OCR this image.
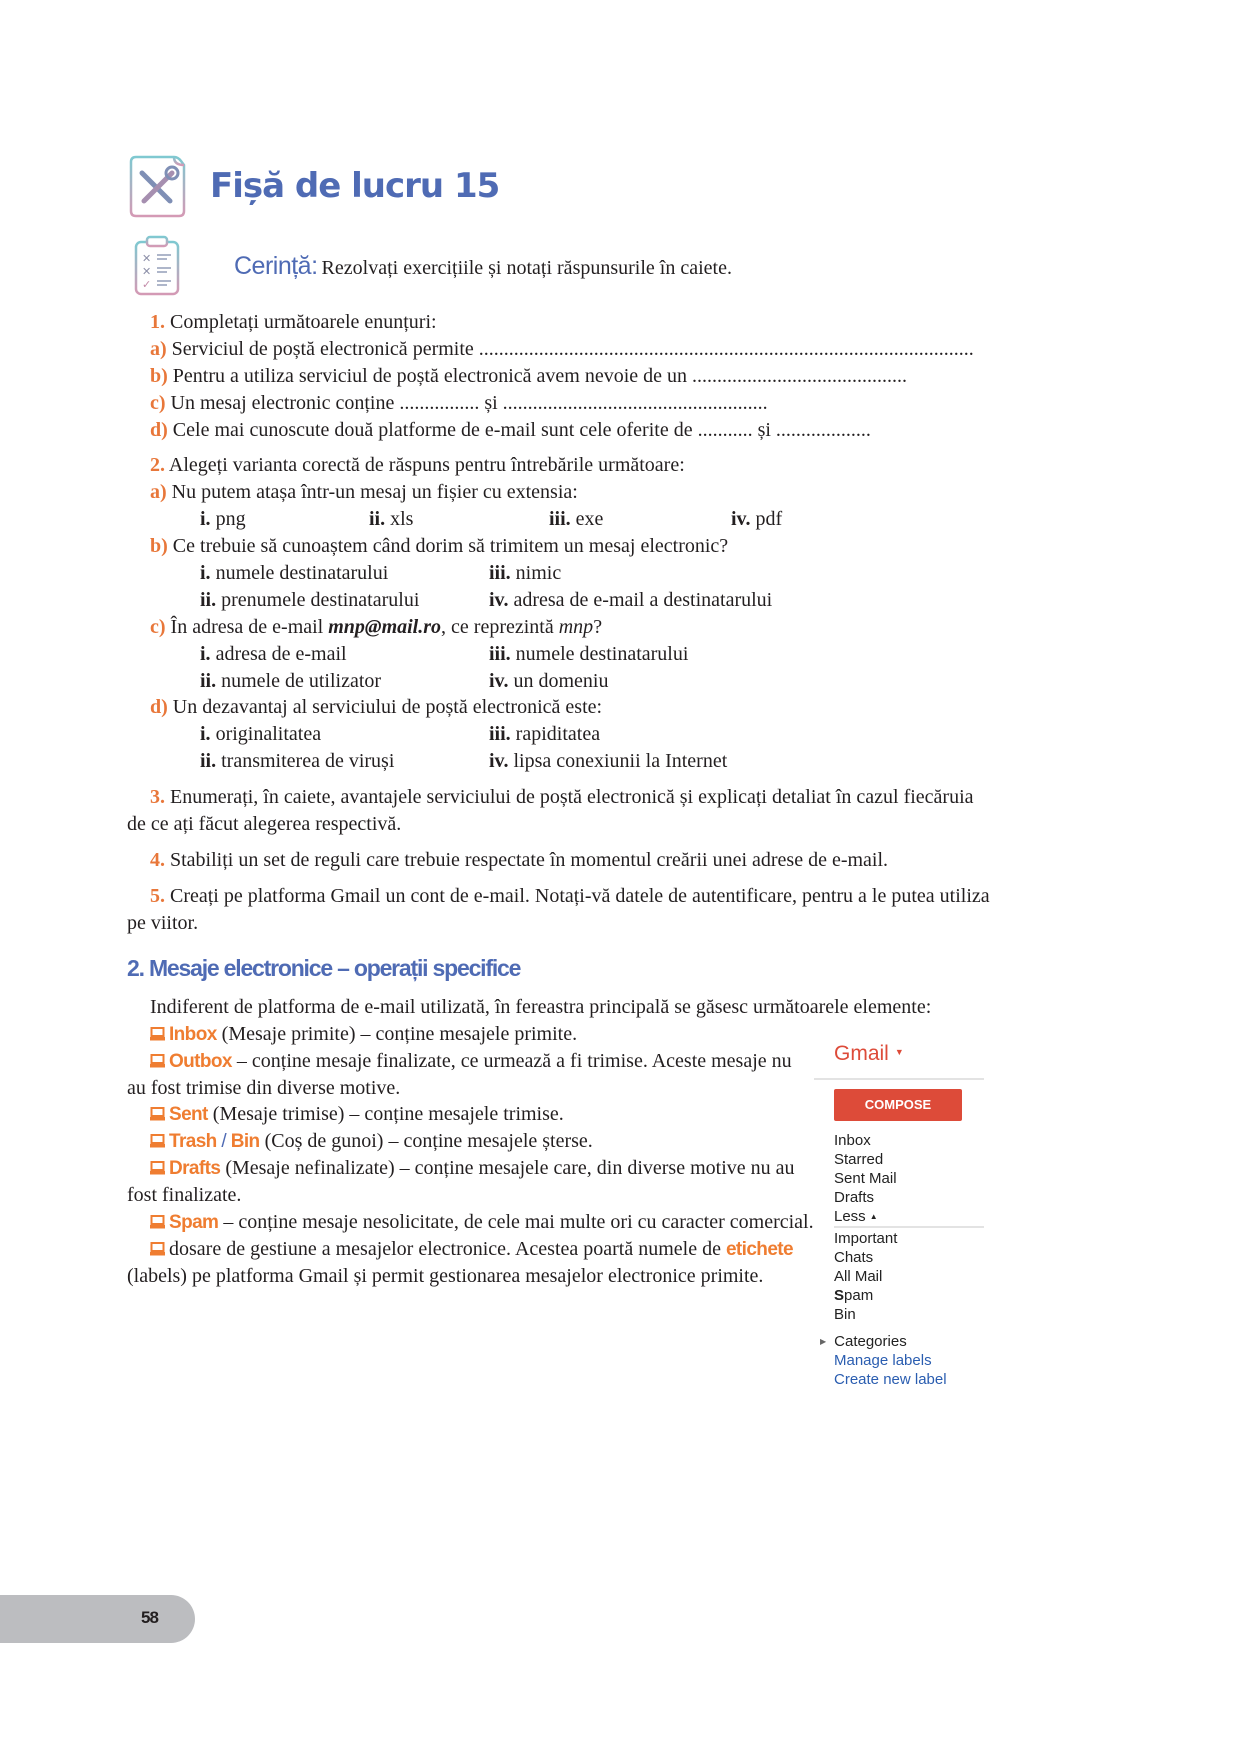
Fișă de lucru 15
✕
✕
✓
Cerință: Rezolvați exercițiile și notați răspunsurile în caiete.
1. Completați următoarele enunțuri:
a) Serviciul de poștă electronică permite ...................................................................................................
b) Pentru a utiliza serviciul de poștă electronică avem nevoie de un ...........................................
c) Un mesaj electronic conține ................ și .....................................................
d) Cele mai cunoscute două platforme de e-mail sunt cele oferite de ........... și ...................
2. Alegeți varianta corectă de răspuns pentru întrebările următoare:
a) Nu putem atașa într-un mesaj un fișier cu extensia:
i. png	ii. xls	iii. exe	iv. pdf
b) Ce trebuie să cunoaștem când dorim să trimitem un mesaj electronic?
i. numele destinatarului	iii. nimic
ii. prenumele destinatarului	iv. adresa de e-mail a destinatarului
c) În adresa de e-mail mnp@mail.ro, ce reprezintă mnp?
i. adresa de e-mail	iii. numele destinatarului
ii. numele de utilizator	iv. un domeniu
d) Un dezavantaj al serviciului de poștă electronică este:
i. originalitatea	iii. rapiditatea
ii. transmiterea de viruși	iv. lipsa conexiunii la Internet
3. Enumerați, în caiete, avantajele serviciului de poștă electronică și explicați detaliat în cazul fiecăruia
de ce ați făcut alegerea respectivă.
4. Stabiliți un set de reguli care trebuie respectate în momentul creării unei adrese de e-mail.
5. Creați pe platforma Gmail un cont de e-mail. Notați-vă datele de autentificare, pentru a le putea utiliza
pe viitor.
2. Mesaje electronice – operații specifice
Indiferent de platforma de e-mail utilizată, în fereastra principală se găsesc următoarele elemente:
Inbox (Mesaje primite) – conține mesajele primite.
Outbox – conține mesaje finalizate, ce urmează a fi trimise. Aceste mesaje nu
au fost trimise din diverse motive.
Sent (Mesaje trimise) – conține mesajele trimise.
Trash / Bin (Coș de gunoi) – conține mesajele șterse.
Drafts (Mesaje nefinalizate) – conține mesajele care, din diverse motive nu au
fost finalizate.
Spam – conține mesaje nesolicitate, de cele mai multe ori cu caracter comercial.
dosare de gestiune a mesajelor electronice. Acestea poartă numele de etichete
(labels) pe platforma Gmail și permit gestionarea mesajelor electronice primite.
Gmail ▼
COMPOSE
Inbox
Starred
Sent Mail
Drafts
Less ▲
Important
Chats
All Mail
Spam
Bin
▶ Categories
Manage labels
Create new label
58
